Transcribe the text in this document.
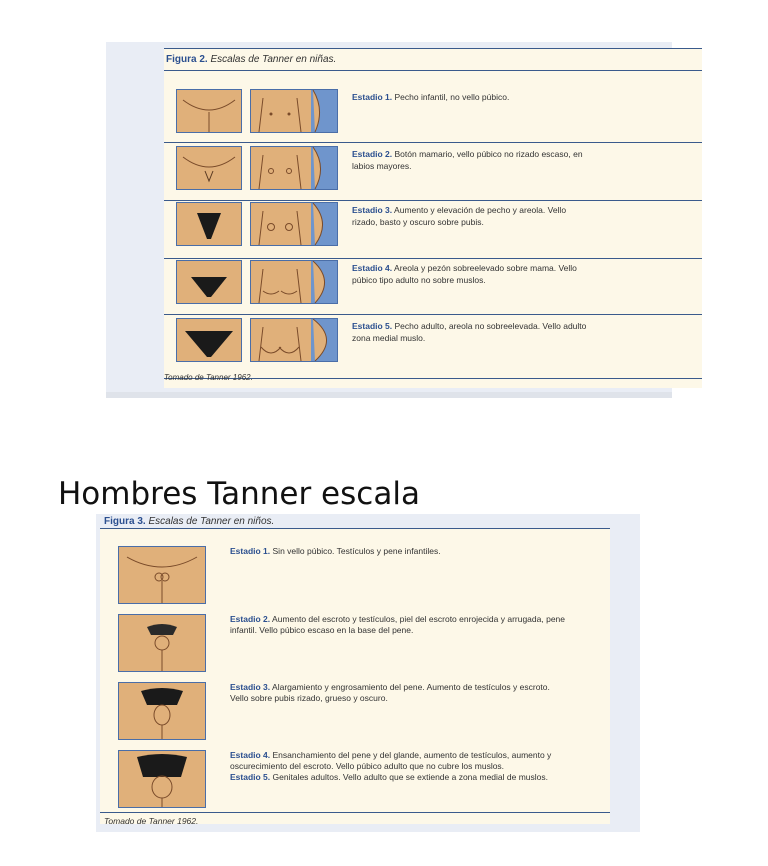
Figura 2. Escalas de Tanner en niñas.
Estadio 1. Pecho infantil, no vello púbico.
Estadio 2. Botón mamario, vello púbico no rizado escaso, en labios mayores.
Estadio 3. Aumento y elevación de pecho y areola. Vello rizado, basto y oscuro sobre pubis.
Estadio 4. Areola y pezón sobreelevado sobre mama. Vello púbico tipo adulto no sobre muslos.
Estadio 5. Pecho adulto, areola no sobreelevada. Vello adulto zona medial muslo.
Tomado de Tanner 1962.
Hombres Tanner escala
Figura 3. Escalas de Tanner en niños.
Estadio 1. Sin vello púbico. Testículos y pene infantiles.
Estadio 2. Aumento del escroto y testículos, piel del escroto enrojecida y arrugada, pene infantil. Vello púbico escaso en la base del pene.
Estadio 3. Alargamiento y engrosamiento del pene. Aumento de testículos y escroto. Vello sobre pubis rizado, grueso y oscuro.
Estadio 4. Ensanchamiento del pene y del glande, aumento de testículos, aumento y oscurecimiento del escroto. Vello púbico adulto que no cubre los muslos.
Estadio 5. Genitales adultos. Vello adulto que se extiende a zona medial de muslos.
Tomado de Tanner 1962.
